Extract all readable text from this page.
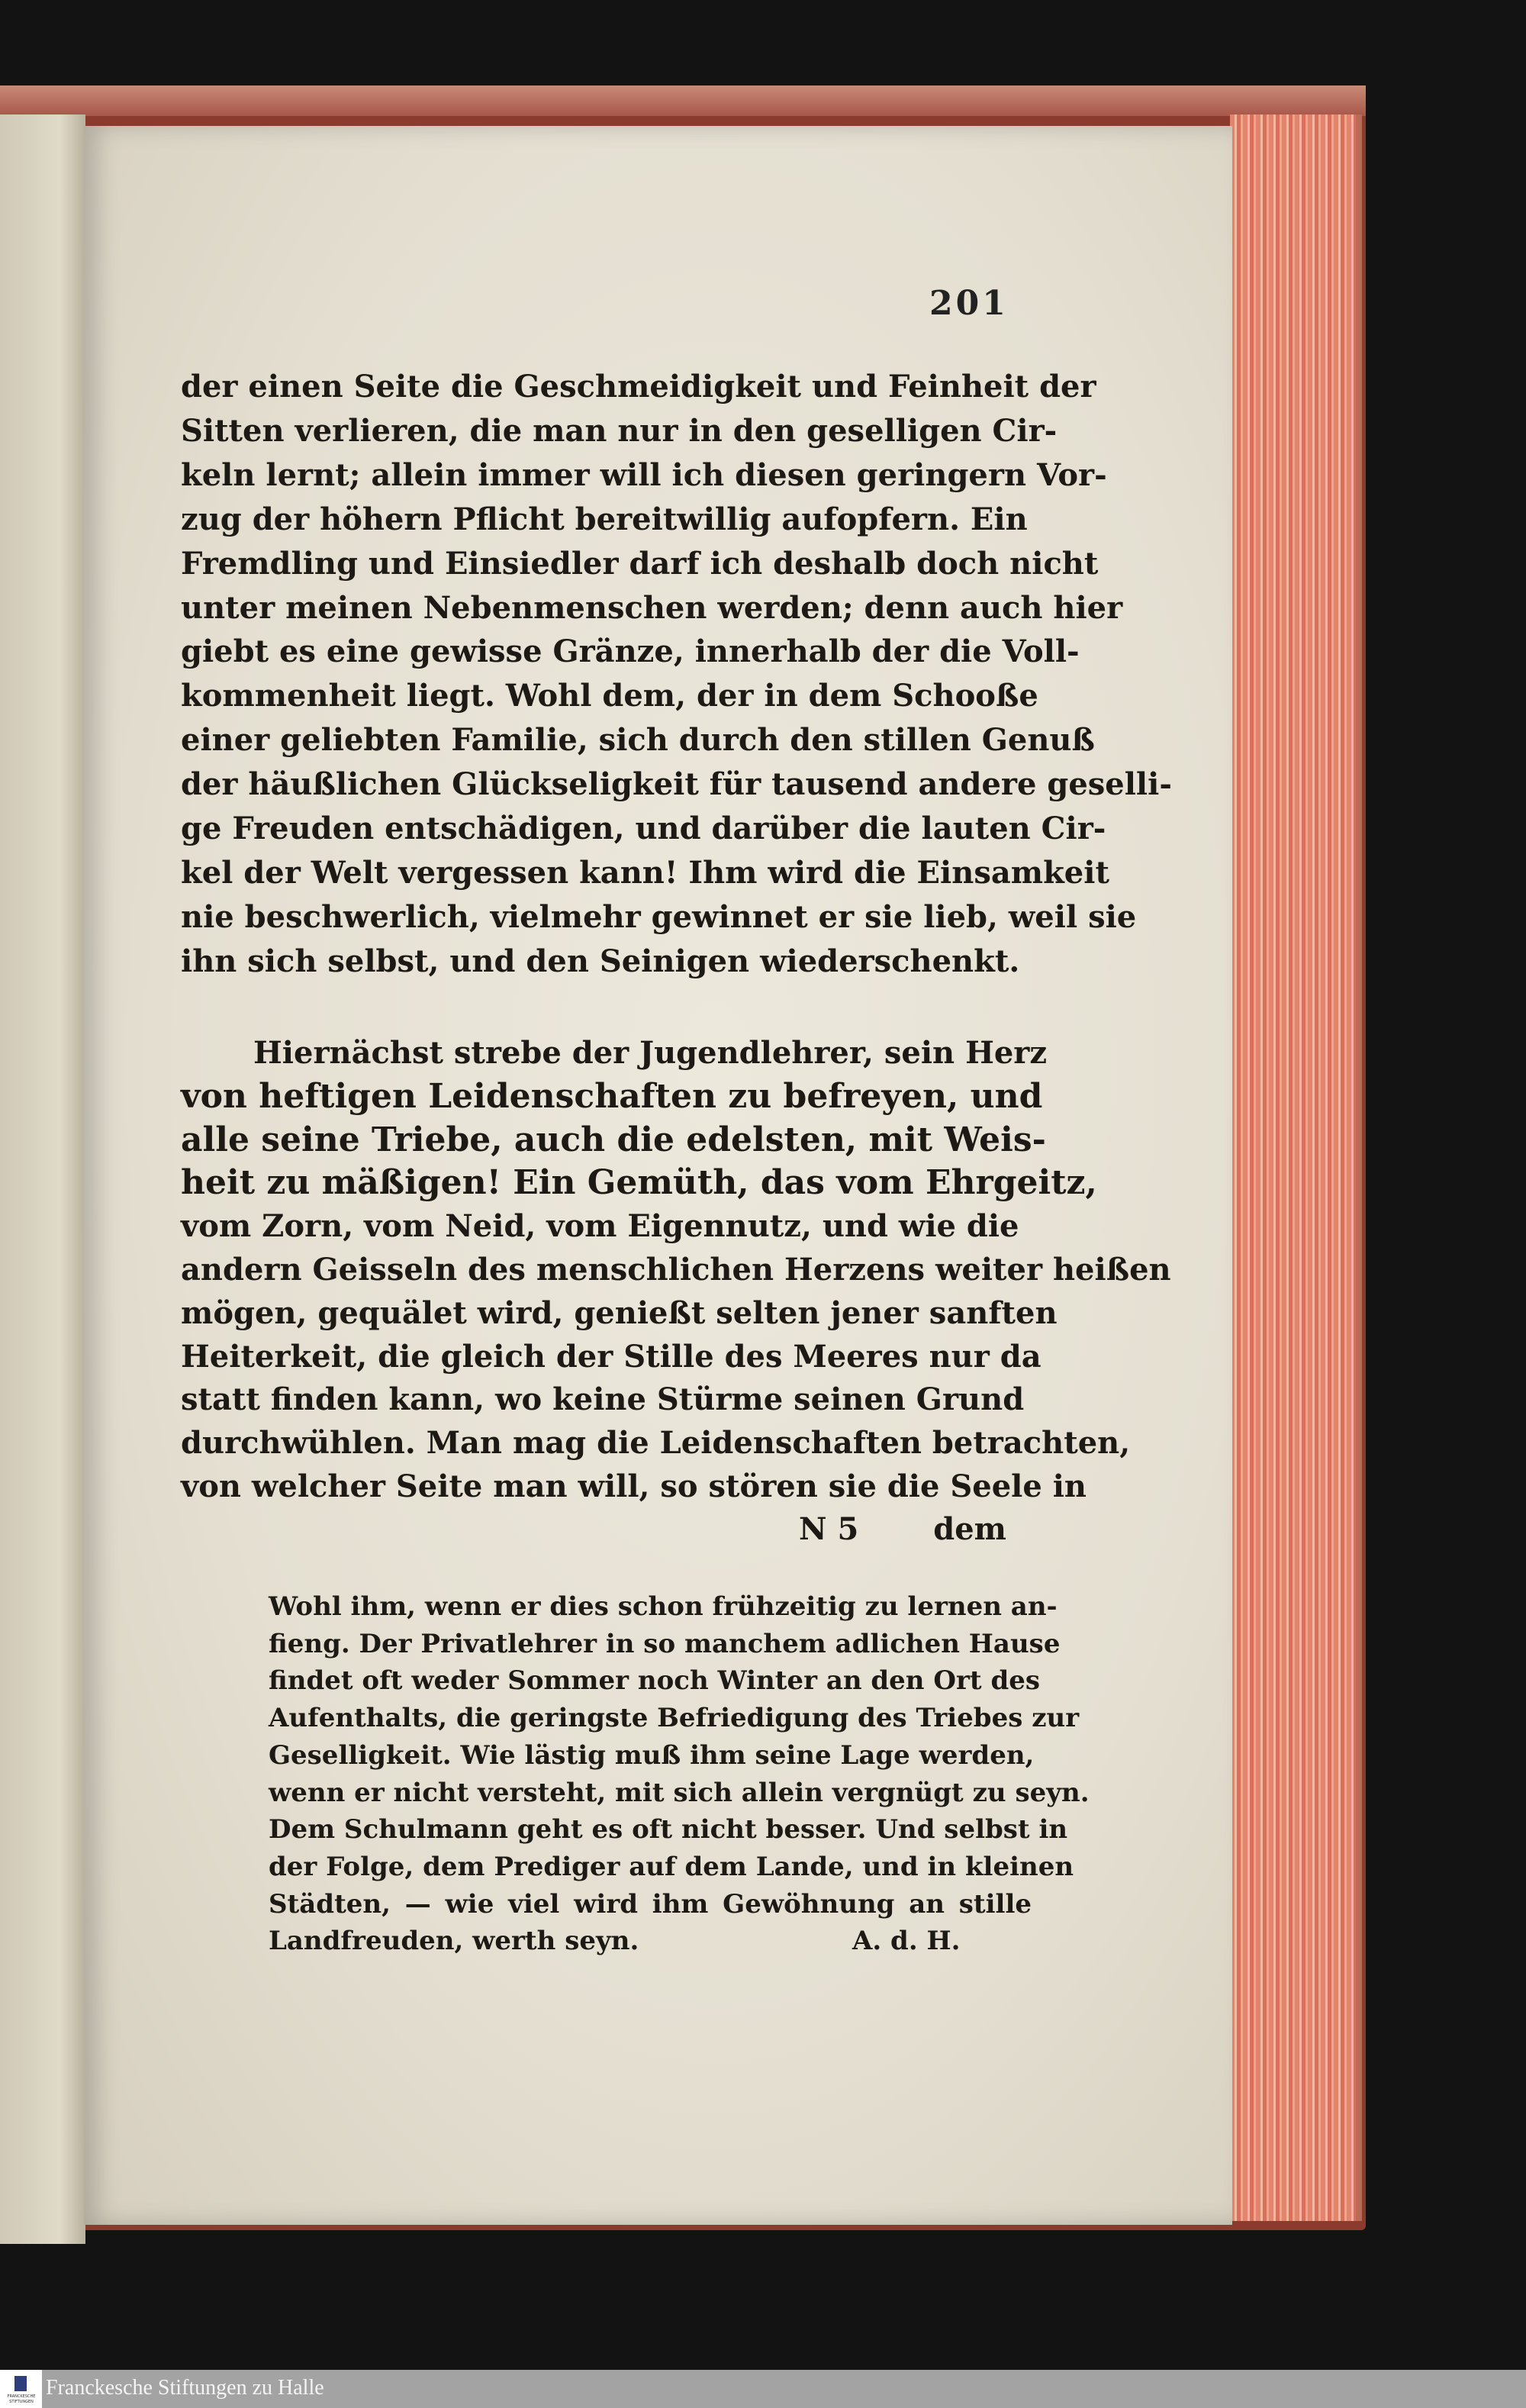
201
der einen Seite die Geschmeidigkeit und Feinheit der
Sitten verlieren, die man nur in den geselligen Cir-
keln lernt; allein immer will ich diesen geringern Vor-
zug der höhern Pflicht bereitwillig aufopfern. Ein
Fremdling und Einsiedler darf ich deshalb doch nicht
unter meinen Nebenmenschen werden; denn auch hier
giebt es eine gewisse Gränze, innerhalb der die Voll-
kommenheit liegt. Wohl dem, der in dem Schooße
einer geliebten Familie, sich durch den stillen Genuß
der häußlichen Glückseligkeit für tausend andere geselli-
ge Freuden entschädigen, und darüber die lauten Cir-
kel der Welt vergessen kann! Ihm wird die Einsamkeit
nie beschwerlich, vielmehr gewinnet er sie lieb, weil sie
ihn sich selbst, und den Seinigen wiederschenkt.
Hiernächst strebe der Jugendlehrer, sein Herz
von heftigen Leidenschaften zu befreyen, und
alle seine Triebe, auch die edelsten, mit Weis-
heit zu mäßigen! Ein Gemüth, das vom Ehrgeitz,
vom Zorn, vom Neid, vom Eigennutz, und wie die
andern Geisseln des menschlichen Herzens weiter heißen
mögen, gequälet wird, genießt selten jener sanften
Heiterkeit, die gleich der Stille des Meeres nur da
statt finden kann, wo keine Stürme seinen Grund
durchwühlen. Man mag die Leidenschaften betrachten,
von welcher Seite man will, so stören sie die Seele in
N 5 dem
Wohl ihm, wenn er dies schon frühzeitig zu lernen an-
fieng. Der Privatlehrer in so manchem adlichen Hause
findet oft weder Sommer noch Winter an den Ort des
Aufenthalts, die geringste Befriedigung des Triebes zur
Geselligkeit. Wie lästig muß ihm seine Lage werden,
wenn er nicht versteht, mit sich allein vergnügt zu seyn.
Dem Schulmann geht es oft nicht besser. Und selbst in
der Folge, dem Prediger auf dem Lande, und in kleinen
Städten, — wie viel wird ihm Gewöhnung an stille
Landfreuden, werth seyn.	A. d. H.
FRANCKESCHE STIFTUNGEN
Franckesche Stiftungen zu Halle
